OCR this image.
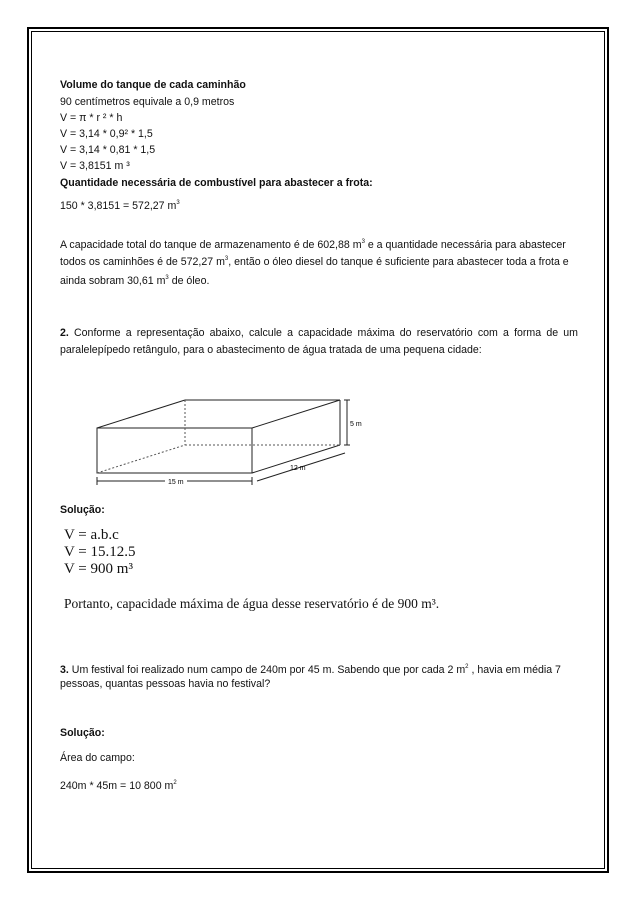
Volume do tanque de cada caminhão
90 centímetros equivale a 0,9 metros
V = π * r ² * h
V = 3,14 * 0,9² * 1,5
V = 3,14 * 0,81 * 1,5
V = 3,8151 m ³
Quantidade necessária de combustível para abastecer a frota:
150 * 3,8151 = 572,27 $m^3$
A capacidade total do tanque de armazenamento é de 602,88 $m^3$ e a quantidade necessária para abastecer
todos os caminhões é de 572,27 $m^3$, então o óleo diesel do tanque é suficiente para abastecer toda a frota e
ainda sobram 30,61 $m^3$ de óleo.
2. Conforme a representação abaixo, calcule a capacidade máxima do reservatório com a forma de um paralelepípedo retângulo, para o abastecimento de água tratada de uma pequena cidade:
5 m
12 m
15 m
Solução:
V = a.b.c
V = 15.12.5
V = 900 m³
Portanto, capacidade máxima de água desse reservatório é de 900 m³.
3. Um festival foi realizado num campo de 240m por 45 m. Sabendo que por cada 2 $m^2$ , havia em média 7
pessoas, quantas pessoas havia no festival?
Solução:
Área do campo:
240m * 45m = 10 800 $m^2$
